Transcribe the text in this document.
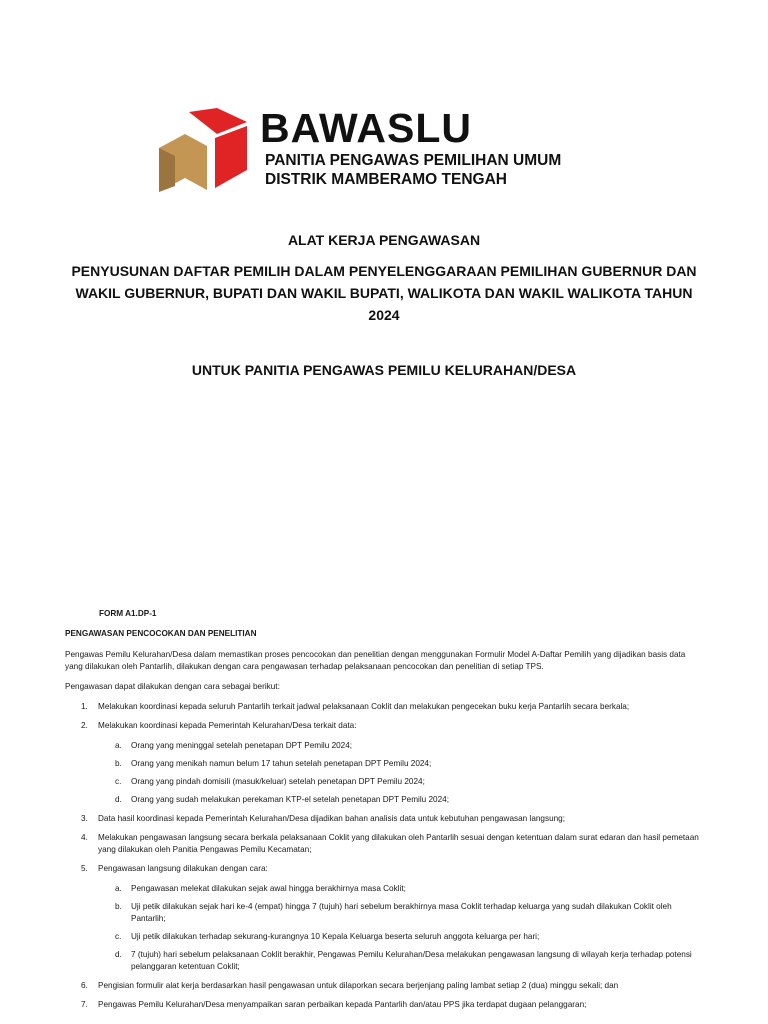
BAWASLU
PANITIA PENGAWAS PEMILIHAN UMUM
DISTRIK MAMBERAMO TENGAH
ALAT KERJA PENGAWASAN
PENYUSUNAN DAFTAR PEMILIH DALAM PENYELENGGARAAN PEMILIHAN GUBERNUR DAN WAKIL GUBERNUR, BUPATI DAN WAKIL BUPATI, WALIKOTA DAN WAKIL WALIKOTA TAHUN 2024
UNTUK PANITIA PENGAWAS PEMILU KELURAHAN/DESA
FORM A1.DP-1
PENGAWASAN PENCOCOKAN DAN PENELITIAN
Pengawas Pemilu Kelurahan/Desa dalam memastikan proses pencocokan dan penelitian dengan menggunakan Formulir Model A-Daftar Pemilih yang dijadikan basis data yang dilakukan oleh Pantarlih, dilakukan dengan cara pengawasan terhadap pelaksanaan pencocokan dan penelitian di setiap TPS.
Pengawasan dapat dilakukan dengan cara sebagai berikut:
1. Melakukan koordinasi kepada seluruh Pantarlih terkait jadwal pelaksanaan Coklit dan melakukan pengecekan buku kerja Pantarlih secara berkala;
2. Melakukan koordinasi kepada Pemerintah Kelurahan/Desa terkait data:
a. Orang yang meninggal setelah penetapan DPT Pemilu 2024;
b. Orang yang menikah namun belum 17 tahun setelah penetapan DPT Pemilu 2024;
c. Orang yang pindah domisili (masuk/keluar) setelah penetapan DPT Pemilu 2024;
d. Orang yang sudah melakukan perekaman KTP-el setelah penetapan DPT Pemilu 2024;
3. Data hasil koordinasi kepada Pemerintah Kelurahan/Desa dijadikan bahan analisis data untuk kebutuhan pengawasan langsung;
4. Melakukan pengawasan langsung secara berkala pelaksanaan Coklit yang dilakukan oleh Pantarlih sesuai dengan ketentuan dalam surat edaran dan hasil pemetaan yang dilakukan oleh Panitia Pengawas Pemilu Kecamatan;
5. Pengawasan langsung dilakukan dengan cara:
a. Pengawasan melekat dilakukan sejak awal hingga berakhirnya masa Coklit;
b. Uji petik dilakukan sejak hari ke-4 (empat) hingga 7 (tujuh) hari sebelum berakhirnya masa Coklit terhadap keluarga yang sudah dilakukan Coklit oleh Pantarlih;
c. Uji petik dilakukan terhadap sekurang-kurangnya 10 Kepala Keluarga beserta seluruh anggota keluarga per hari;
d. 7 (tujuh) hari sebelum pelaksanaan Coklit berakhir, Pengawas Pemilu Kelurahan/Desa melakukan pengawasan langsung di wilayah kerja terhadap potensi pelanggaran ketentuan Coklit;
6. Pengisian formulir alat kerja berdasarkan hasil pengawasan untuk dilaporkan secara berjenjang paling lambat setiap 2 (dua) minggu sekali; dan
7. Pengawas Pemilu Kelurahan/Desa menyampaikan saran perbaikan kepada Pantarlih dan/atau PPS jika terdapat dugaan pelanggaran;
